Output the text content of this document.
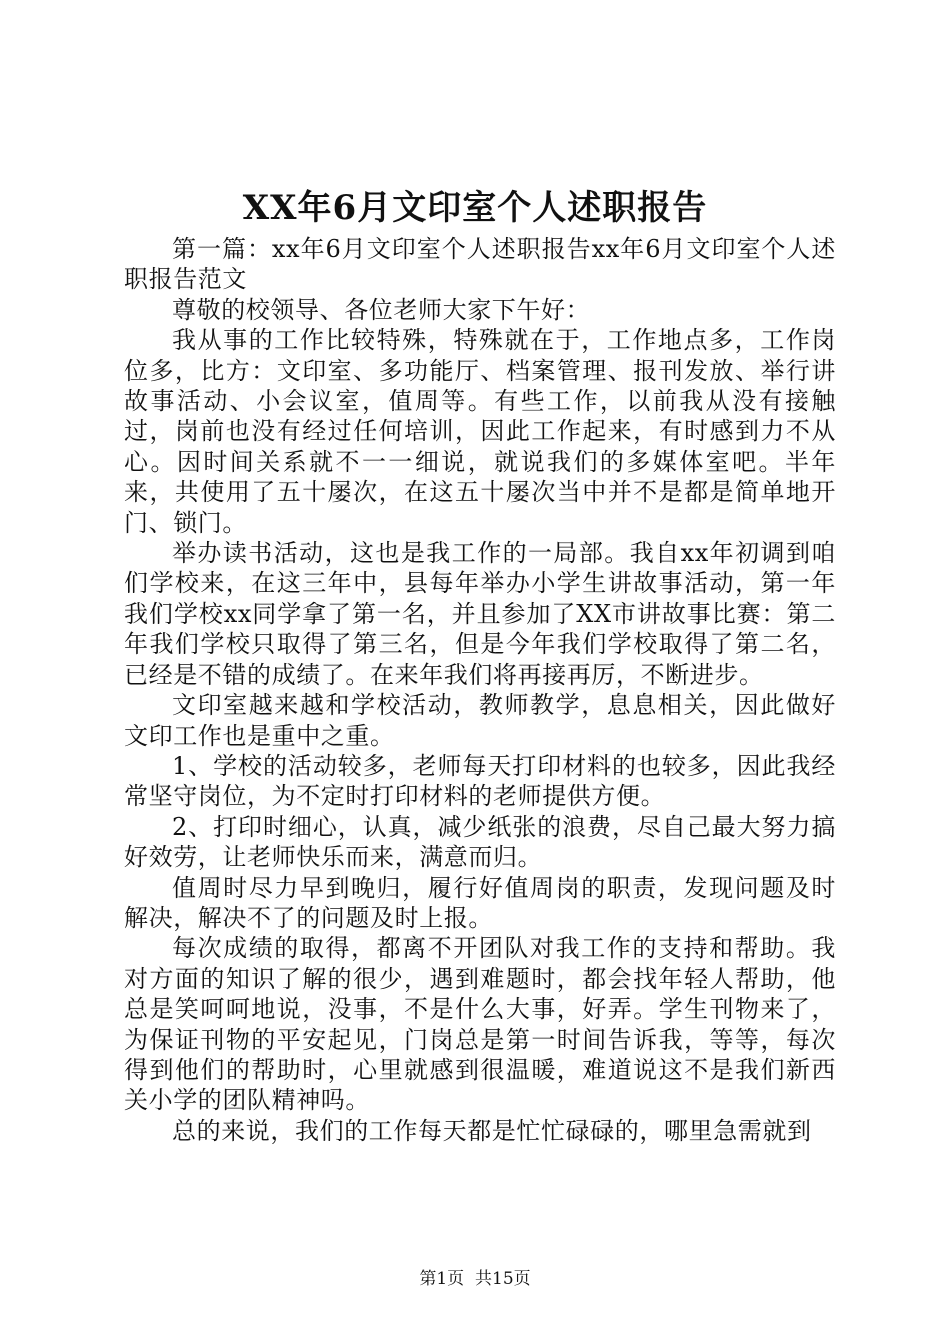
XX年6月文印室个人述职报告

第一篇：xx年6月文印室个人述职报告xx年6月文印室个人述职报告范文

尊敬的校领导、各位老师大家下午好：

我从事的工作比较特殊，特殊就在于，工作地点多，工作岗位多，比方：文印室、多功能厅、档案管理、报刊发放、举行讲故事活动、小会议室，值周等。有些工作，以前我从没有接触过，岗前也没有经过任何培训，因此工作起来，有时感到力不从心。因时间关系就不一一细说，就说我们的多媒体室吧。半年来，共使用了五十屡次，在这五十屡次当中并不是都是简单地开门、锁门。

举办读书活动，这也是我工作的一局部。我自xx年初调到咱们学校来，在这三年中，县每年举办小学生讲故事活动，第一年我们学校xx同学拿了第一名，并且参加了XX市讲故事比赛：第二年我们学校只取得了第三名，但是今年我们学校取得了第二名，已经是不错的成绩了。在来年我们将再接再厉，不断进步。

文印室越来越和学校活动，教师教学，息息相关，因此做好文印工作也是重中之重。

1、学校的活动较多，老师每天打印材料的也较多，因此我经常坚守岗位，为不定时打印材料的老师提供方便。

2、打印时细心，认真，减少纸张的浪费，尽自己最大努力搞好效劳，让老师快乐而来，满意而归。

值周时尽力早到晚归，履行好值周岗的职责，发现问题及时解决，解决不了的问题及时上报。

每次成绩的取得，都离不开团队对我工作的支持和帮助。我对方面的知识了解的很少，遇到难题时，都会找年轻人帮助，他总是笑呵呵地说，没事，不是什么大事，好弄。学生刊物来了，为保证刊物的平安起见，门岗总是第一时间告诉我，等等，每次得到他们的帮助时，心里就感到很温暖，难道说这不是我们新西关小学的团队精神吗。

总的来说，我们的工作每天都是忙忙碌碌的，哪里急需就到

第1页 共15页
